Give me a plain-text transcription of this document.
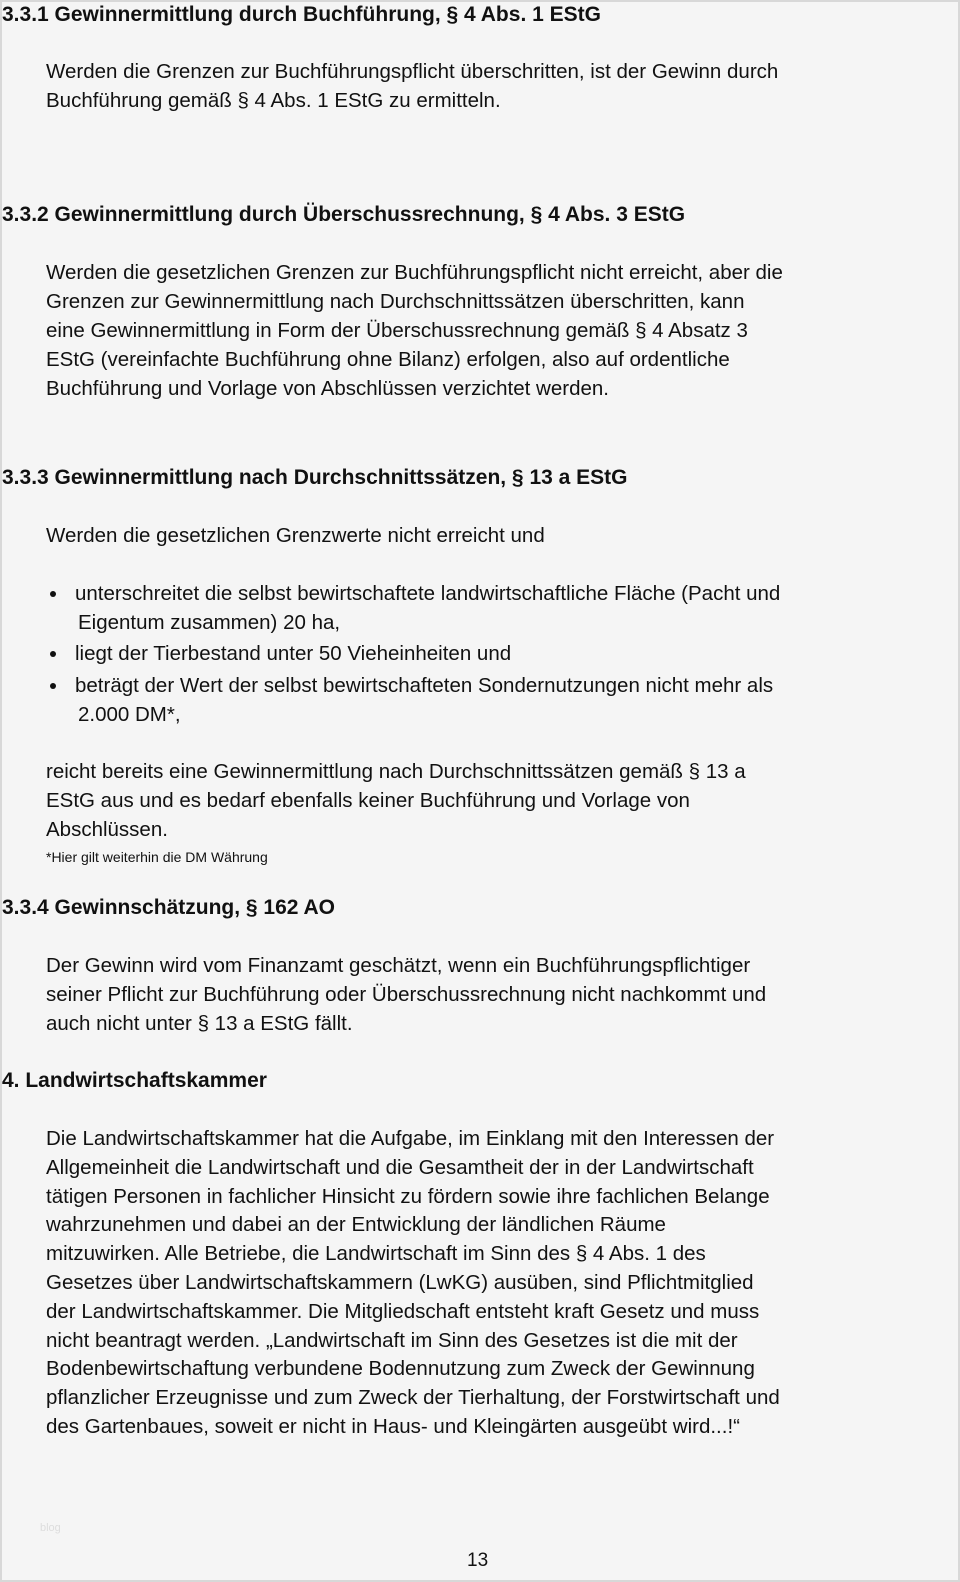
3.3.1 Gewinnermittlung durch Buchführung, § 4 Abs. 1 EStG
Werden die Grenzen zur Buchführungspflicht überschritten, ist der Gewinn durch
Buchführung gemäß § 4 Abs. 1 EStG zu ermitteln.
3.3.2 Gewinnermittlung durch Überschussrechnung, § 4 Abs. 3 EStG
Werden die gesetzlichen Grenzen zur Buchführungspflicht nicht erreicht, aber die
Grenzen zur Gewinnermittlung nach Durchschnittssätzen überschritten, kann
eine Gewinnermittlung in Form der Überschussrechnung gemäß § 4 Absatz 3
EStG (vereinfachte Buchführung ohne Bilanz) erfolgen, also auf ordentliche
Buchführung und Vorlage von Abschlüssen verzichtet werden.
3.3.3 Gewinnermittlung nach Durchschnittssätzen, § 13 a EStG
Werden die gesetzlichen Grenzwerte nicht erreicht und
unterschreitet die selbst bewirtschaftete landwirtschaftliche Fläche (Pacht und
Eigentum zusammen) 20 ha,
liegt der Tierbestand unter 50 Vieheinheiten und
beträgt der Wert der selbst bewirtschafteten Sondernutzungen nicht mehr als
2.000 DM*,
reicht bereits eine Gewinnermittlung nach Durchschnittssätzen gemäß § 13 a
EStG aus und es bedarf ebenfalls keiner Buchführung und Vorlage von
Abschlüssen.
*Hier gilt weiterhin die DM Währung
3.3.4 Gewinnschätzung, § 162 AO
Der Gewinn wird vom Finanzamt geschätzt, wenn ein Buchführungspflichtiger
seiner Pflicht zur Buchführung oder Überschussrechnung nicht nachkommt und
auch nicht unter § 13 a EStG fällt.
4. Landwirtschaftskammer
Die Landwirtschaftskammer hat die Aufgabe, im Einklang mit den Interessen der
Allgemeinheit die Landwirtschaft und die Gesamtheit der in der Landwirtschaft
tätigen Personen in fachlicher Hinsicht zu fördern sowie ihre fachlichen Belange
wahrzunehmen und dabei an der Entwicklung der ländlichen Räume
mitzuwirken. Alle Betriebe, die Landwirtschaft im Sinn des § 4 Abs. 1 des
Gesetzes über Landwirtschaftskammern (LwKG) ausüben, sind Pflichtmitglied
der Landwirtschaftskammer. Die Mitgliedschaft entsteht kraft Gesetz und muss
nicht beantragt werden. „Landwirtschaft im Sinn des Gesetzes ist die mit der
Bodenbewirtschaftung verbundene Bodennutzung zum Zweck der Gewinnung
pflanzlicher Erzeugnisse und zum Zweck der Tierhaltung, der Forstwirtschaft und
des Gartenbaues, soweit er nicht in Haus- und Kleingärten ausgeübt wird...!“
blog
13
